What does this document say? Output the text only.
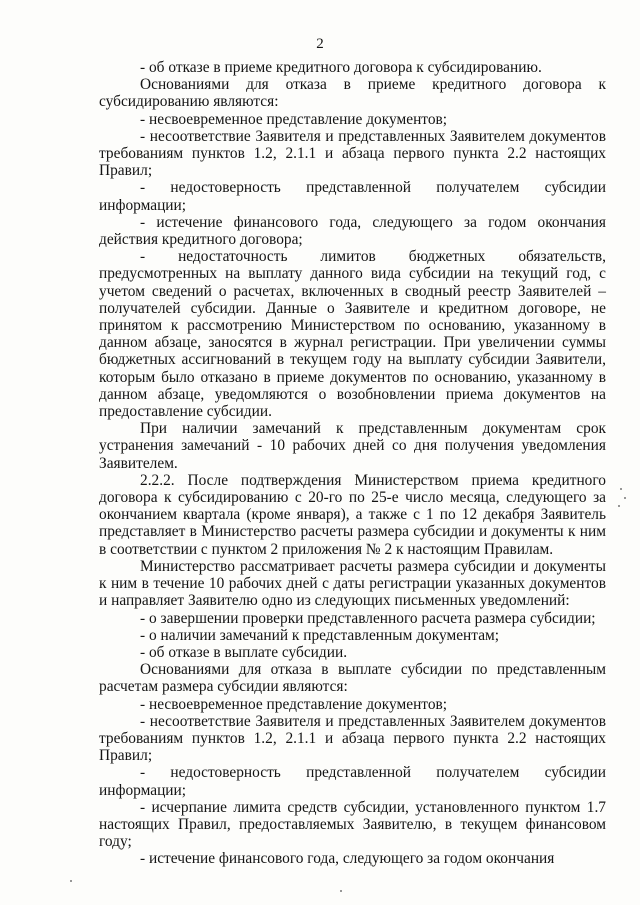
2

- об отказе в приеме кредитного договора к субсидированию.

Основаниями для отказа в приеме кредитного договора к субсидированию являются:

- несвоевременное представление документов;

- несоответствие Заявителя и представленных Заявителем документов требованиям пунктов 1.2, 2.1.1 и абзаца первого пункта 2.2 настоящих Правил;

- недостоверность представленной получателем субсидии информации;

- истечение финансового года, следующего за годом окончания действия кредитного договора;

- недостаточность лимитов бюджетных обязательств, предусмотренных на выплату данного вида субсидии на текущий год, с учетом сведений о расчетах, включенных в сводный реестр Заявителей – получателей субсидии. Данные о Заявителе и кредитном договоре, не принятом к рассмотрению Министерством по основанию, указанному в данном абзаце, заносятся в журнал регистрации. При увеличении суммы бюджетных ассигнований в текущем году на выплату субсидии Заявители, которым было отказано в приеме документов по основанию, указанному в данном абзаце, уведомляются о возобновлении приема документов на предоставление субсидии.

При наличии замечаний к представленным документам срок устранения замечаний - 10 рабочих дней со дня получения уведомления Заявителем.

2.2.2. После подтверждения Министерством приема кредитного договора к субсидированию с 20-го по 25-е число месяца, следующего за окончанием квартала (кроме января), а также с 1 по 12 декабря Заявитель представляет в Министерство расчеты размера субсидии и документы к ним в соответствии с пунктом 2 приложения № 2 к настоящим Правилам.

Министерство рассматривает расчеты размера субсидии и документы к ним в течение 10 рабочих дней с даты регистрации указанных документов и направляет Заявителю одно из следующих письменных уведомлений:

- о завершении проверки представленного расчета размера субсидии;

- о наличии замечаний к представленным документам;

- об отказе в выплате субсидии.

Основаниями для отказа в выплате субсидии по представленным расчетам размера субсидии являются:

- несвоевременное представление документов;

- несоответствие Заявителя и представленных Заявителем документов требованиям пунктов 1.2, 2.1.1 и абзаца первого пункта 2.2 настоящих Правил;

- недостоверность представленной получателем субсидии информации;

- исчерпание лимита средств субсидии, установленного пунктом 1.7 настоящих Правил, предоставляемых Заявителю, в текущем финансовом году;

- истечение финансового года, следующего за годом окончания
